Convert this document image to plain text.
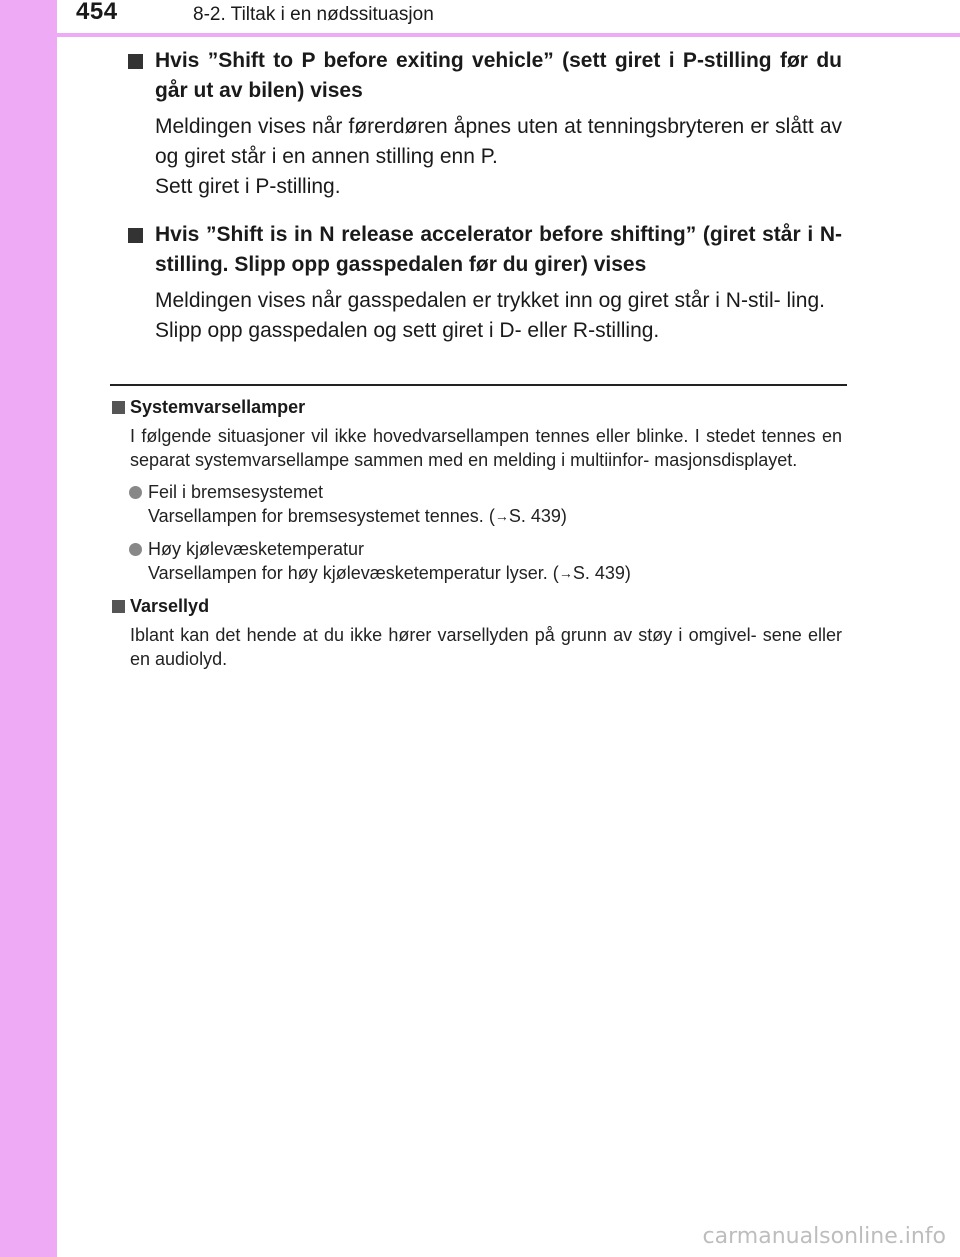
454	8-2. Tiltak i en nødssituasjon

Hvis ”Shift to P before exiting vehicle” (sett giret i P-stilling før du går ut av bilen) vises

Meldingen vises når førerdøren åpnes uten at tenningsbryteren er slått av og giret står i en annen stilling enn P.

Sett giret i P-stilling.

Hvis ”Shift is in N release accelerator before shifting” (giret står i N-stilling. Slipp opp gasspedalen før du girer) vises

Meldingen vises når gasspedalen er trykket inn og giret står i N-stil- ling.

Slipp opp gasspedalen og sett giret i D- eller R-stilling.

Systemvarsellamper

I følgende situasjoner vil ikke hovedvarsellampen tennes eller blinke. I stedet tennes en separat systemvarsellampe sammen med en melding i multiinfor- masjonsdisplayet.

Feil i bremsesystemet
Varsellampen for bremsesystemet tennes. (→S. 439)
Høy kjølevæsketemperatur
Varsellampen for høy kjølevæsketemperatur lyser. (→S. 439)

Varsellyd

Iblant kan det hende at du ikke hører varsellyden på grunn av støy i omgivel- sene eller en audiolyd.

carmanualsonline.info
